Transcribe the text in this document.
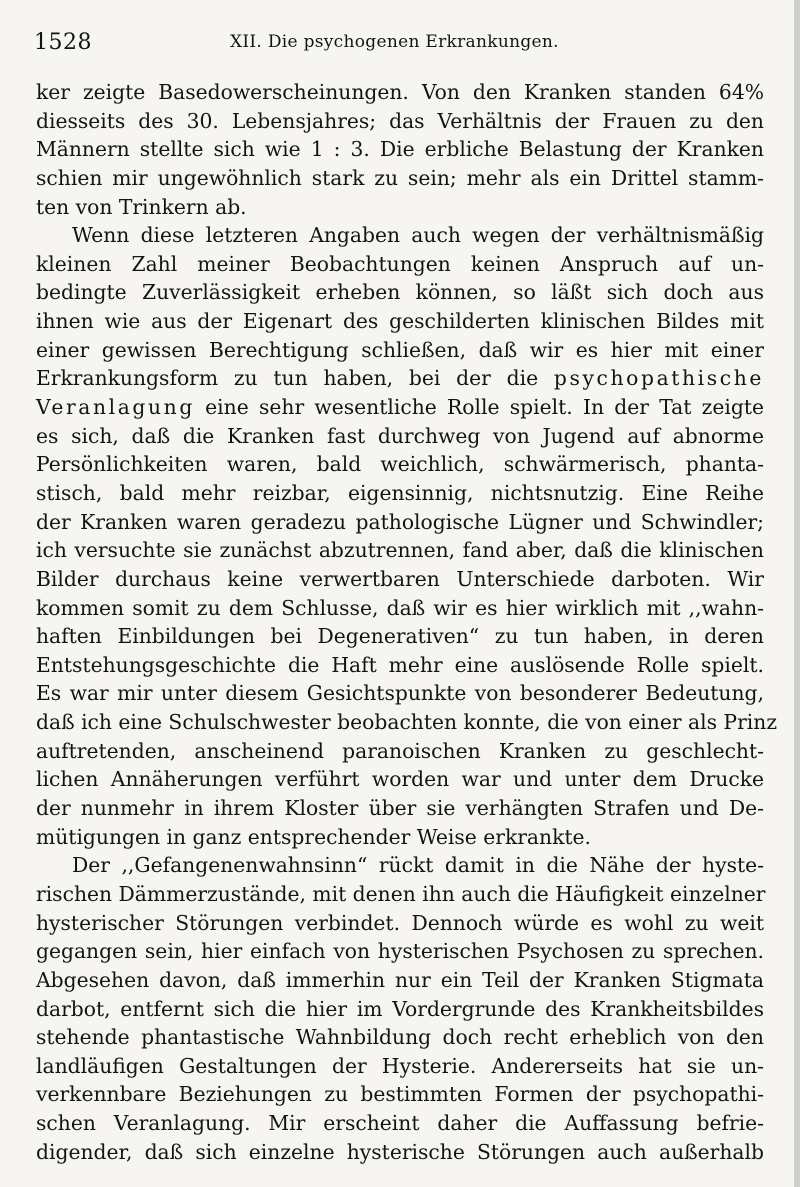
1528	XII. Die psychogenen Erkrankungen.
ker zeigte Basedowerscheinungen. Von den Kranken standen 64%
diesseits des 30. Lebensjahres; das Verhältnis der Frauen zu den
Männern stellte sich wie 1 : 3. Die erbliche Belastung der Kranken
schien mir ungewöhnlich stark zu sein; mehr als ein Drittel stamm-
ten von Trinkern ab.
Wenn diese letzteren Angaben auch wegen der verhältnismäßig
kleinen Zahl meiner Beobachtungen keinen Anspruch auf un-
bedingte Zuverlässigkeit erheben können, so läßt sich doch aus
ihnen wie aus der Eigenart des geschilderten klinischen Bildes mit
einer gewissen Berechtigung schließen, daß wir es hier mit einer
Erkrankungsform zu tun haben, bei der die psychopathische
Veranlagung eine sehr wesentliche Rolle spielt. In der Tat zeigte
es sich, daß die Kranken fast durchweg von Jugend auf abnorme
Persönlichkeiten waren, bald weichlich, schwärmerisch, phanta-
stisch, bald mehr reizbar, eigensinnig, nichtsnutzig. Eine Reihe
der Kranken waren geradezu pathologische Lügner und Schwindler;
ich versuchte sie zunächst abzutrennen, fand aber, daß die klinischen
Bilder durchaus keine verwertbaren Unterschiede darboten. Wir
kommen somit zu dem Schlusse, daß wir es hier wirklich mit ,,wahn-
haften Einbildungen bei Degenerativen“ zu tun haben, in deren
Entstehungsgeschichte die Haft mehr eine auslösende Rolle spielt.
Es war mir unter diesem Gesichtspunkte von besonderer Bedeutung,
daß ich eine Schulschwester beobachten konnte, die von einer als Prinz
auftretenden, anscheinend paranoischen Kranken zu geschlecht-
lichen Annäherungen verführt worden war und unter dem Drucke
der nunmehr in ihrem Kloster über sie verhängten Strafen und De-
mütigungen in ganz entsprechender Weise erkrankte.
Der ,,Gefangenenwahnsinn“ rückt damit in die Nähe der hyste-
rischen Dämmerzustände, mit denen ihn auch die Häufigkeit einzelner
hysterischer Störungen verbindet. Dennoch würde es wohl zu weit
gegangen sein, hier einfach von hysterischen Psychosen zu sprechen.
Abgesehen davon, daß immerhin nur ein Teil der Kranken Stigmata
darbot, entfernt sich die hier im Vordergrunde des Krankheitsbildes
stehende phantastische Wahnbildung doch recht erheblich von den
landläufigen Gestaltungen der Hysterie. Andererseits hat sie un-
verkennbare Beziehungen zu bestimmten Formen der psychopathi-
schen Veranlagung. Mir erscheint daher die Auffassung befrie-
digender, daß sich einzelne hysterische Störungen auch außerhalb
